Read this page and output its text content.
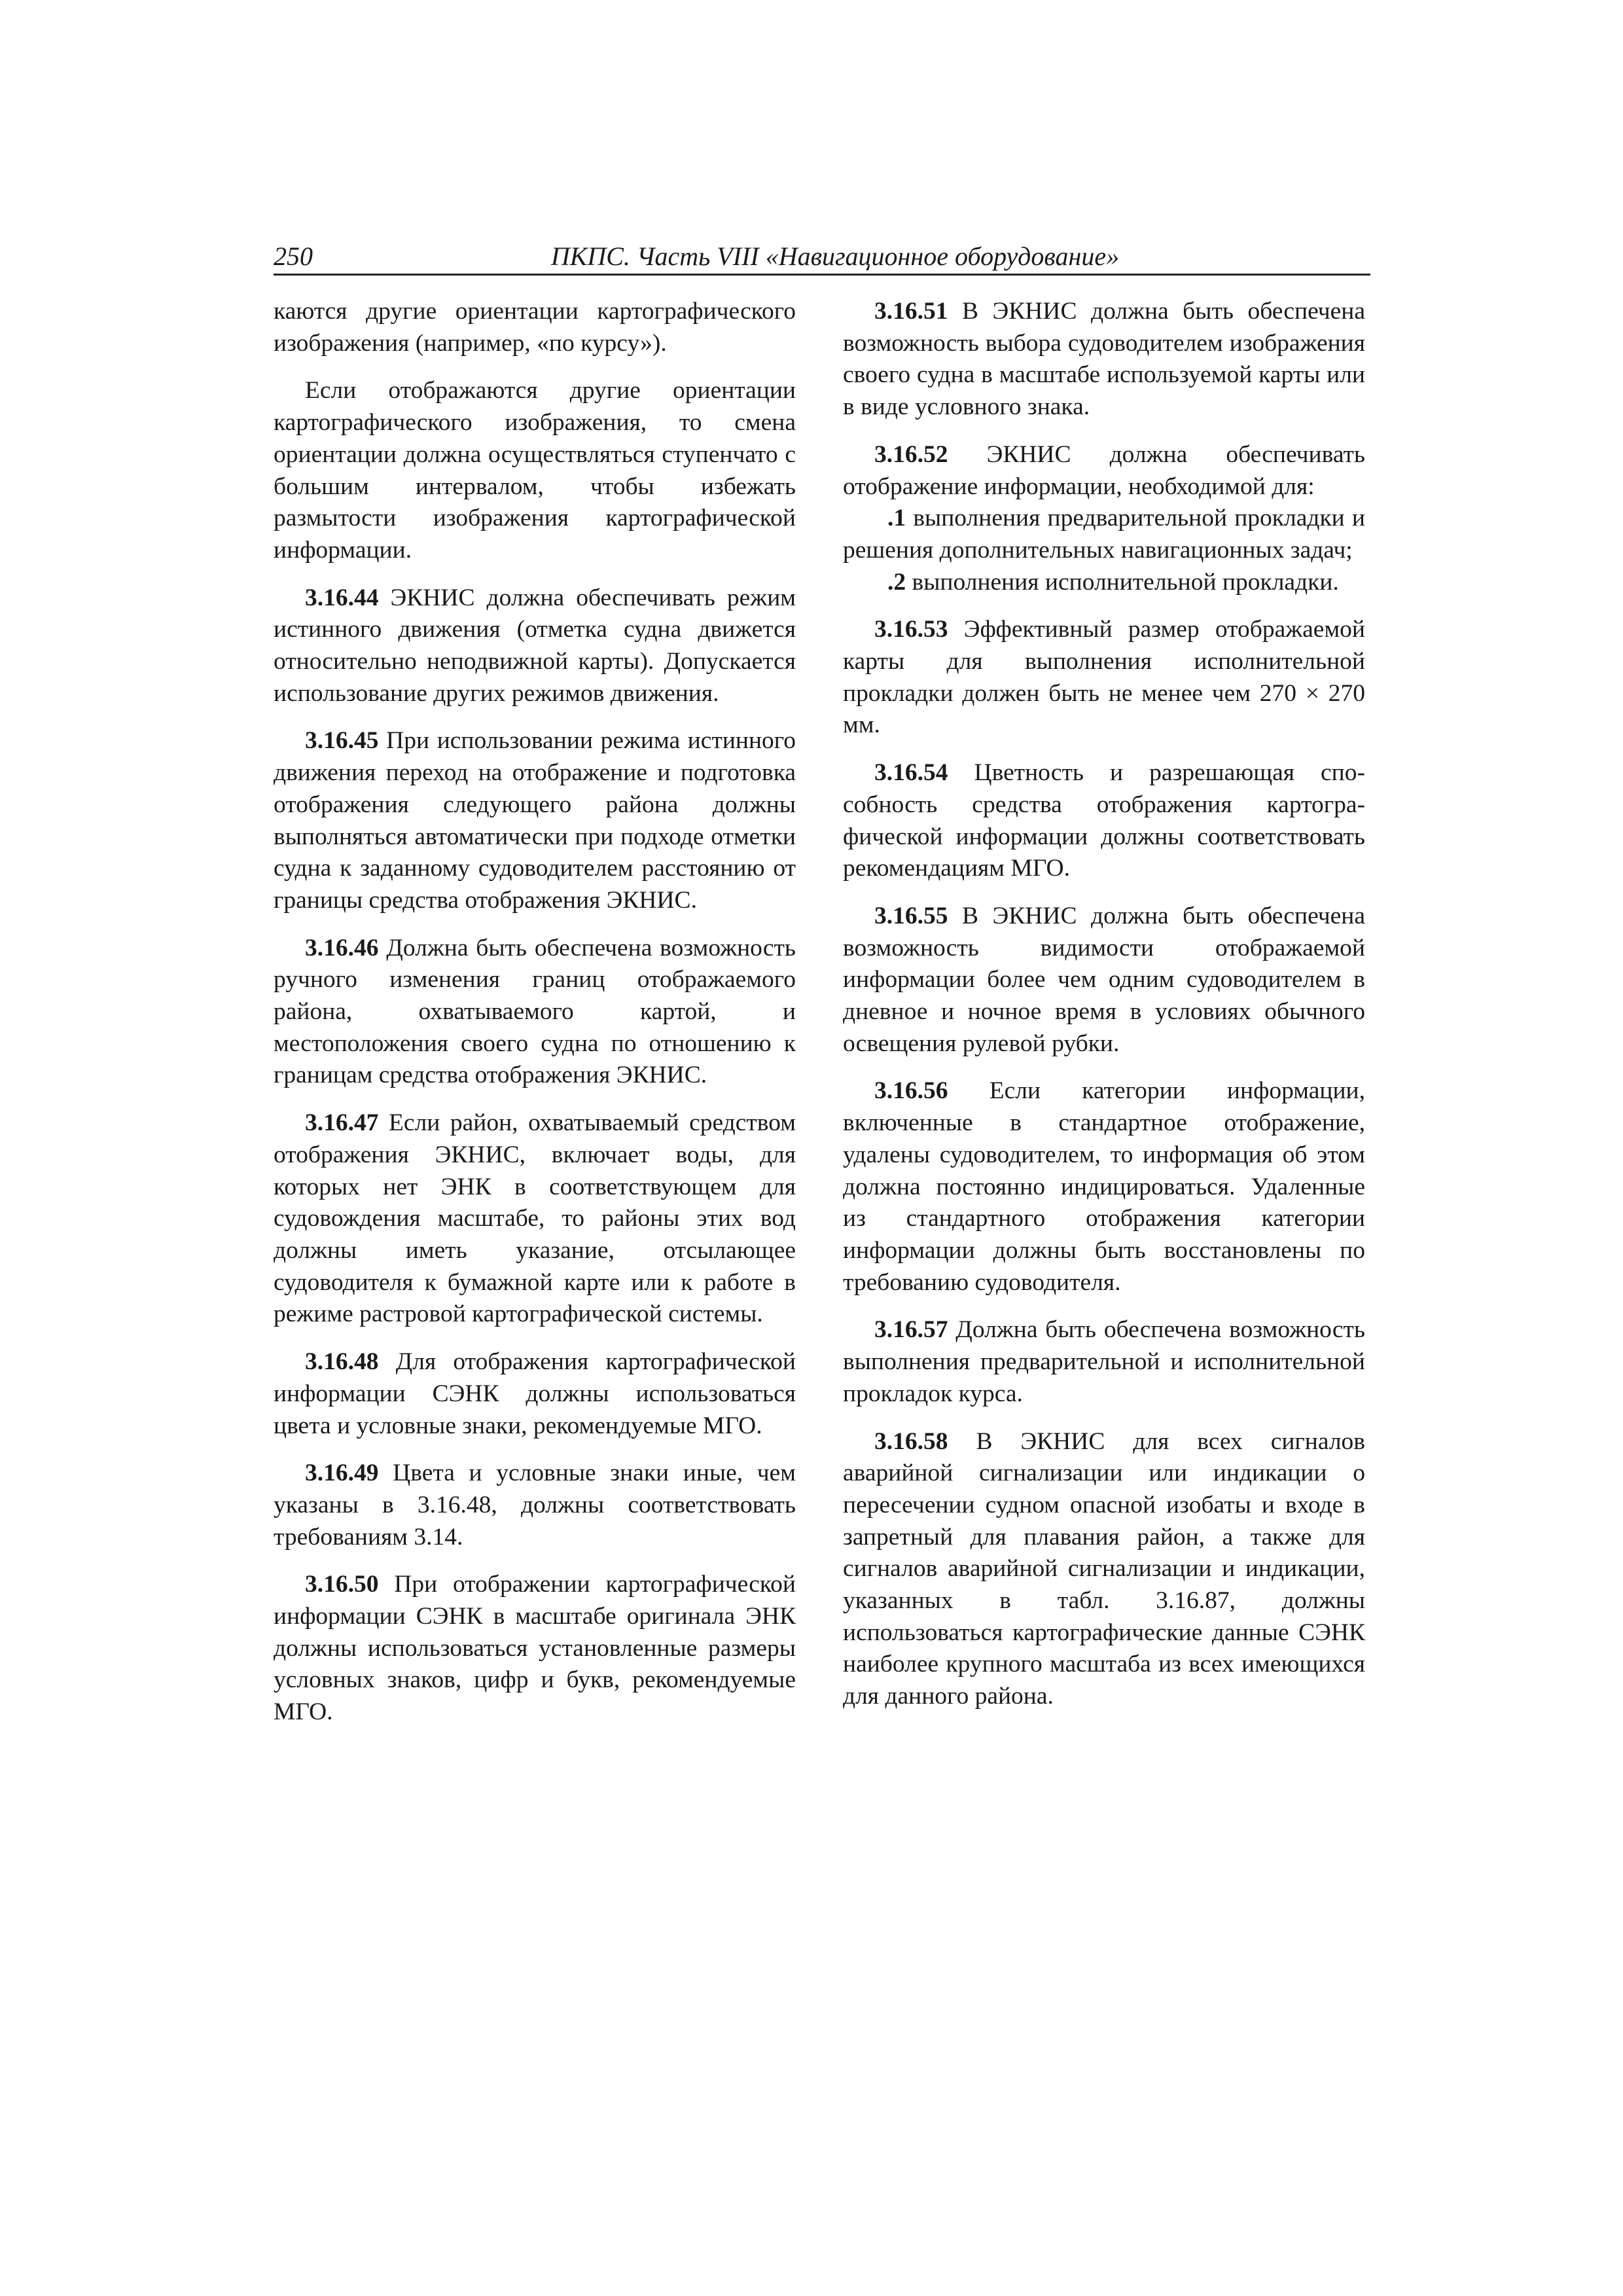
250	ПКПС. Часть VIII «Навигационное оборудование»

каются другие ориентации картографического изображения (например, «по курсу»).

Если отображаются другие ориентации картографического изображения, то смена ориентации должна осуществляться ступенчато с большим интервалом, чтобы избежать размытости изображения картографической информации.

3.16.44 ЭКНИС должна обеспечивать режим истинного движения (отметка судна движется относительно неподвижной карты). Допускается использование других режимов движения.

3.16.45 При использовании режима истинного движения переход на отображение и подготовка отображения следующего района должны выполняться автоматически при подходе отметки судна к заданному судоводителем расстоянию от границы средства отображения ЭКНИС.

3.16.46 Должна быть обеспечена возможность ручного изменения границ отображаемого района, охватываемого картой, и местоположения своего судна по отношению к границам средства отображения ЭКНИС.

3.16.47 Если район, охватываемый средством отображения ЭКНИС, включает воды, для которых нет ЭНК в соответствующем для судовождения масштабе, то районы этих вод должны иметь указание, отсылающее судоводителя к бумажной карте или к работе в режиме растровой картографической системы.

3.16.48 Для отображения картографической информации СЭНК должны использоваться цвета и условные знаки, рекомендуемые МГО.

3.16.49 Цвета и условные знаки иные, чем указаны в 3.16.48, должны соответствовать требованиям 3.14.

3.16.50 При отображении картографической информации СЭНК в масштабе оригинала ЭНК должны использоваться установленные размеры условных знаков, цифр и букв, рекомендуемые МГО.

3.16.51 В ЭКНИС должна быть обеспечена возможность выбора судоводителем изображения своего судна в масштабе используемой карты или в виде условного знака.

3.16.52 ЭКНИС должна обеспечивать отображение информации, необходимой для:

.1 выполнения предварительной прокладки и решения дополнительных навигационных задач;

.2 выполнения исполнительной прокладки.

3.16.53 Эффективный размер отображаемой карты для выполнения исполнительной прокладки должен быть не менее чем 270 × 270 мм.

3.16.54 Цветность и разрешающая способность средства отображения картографической информации должны соответствовать рекомендациям МГО.

3.16.55 В ЭКНИС должна быть обеспечена возможность видимости отображаемой информации более чем одним судоводителем в дневное и ночное время в условиях обычного освещения рулевой рубки.

3.16.56 Если категории информации, включенные в стандартное отображение, удалены судоводителем, то информация об этом должна постоянно индицироваться. Удаленные из стандартного отображения категории информации должны быть восстановлены по требованию судоводителя.

3.16.57 Должна быть обеспечена возможность выполнения предварительной и исполнительной прокладок курса.

3.16.58 В ЭКНИС для всех сигналов аварийной сигнализации или индикации о пересечении судном опасной изобаты и входе в запретный для плавания район, а также для сигналов аварийной сигнализации и индикации, указанных в табл. 3.16.87, должны использоваться картографические данные СЭНК наиболее крупного масштаба из всех имеющихся для данного района.
